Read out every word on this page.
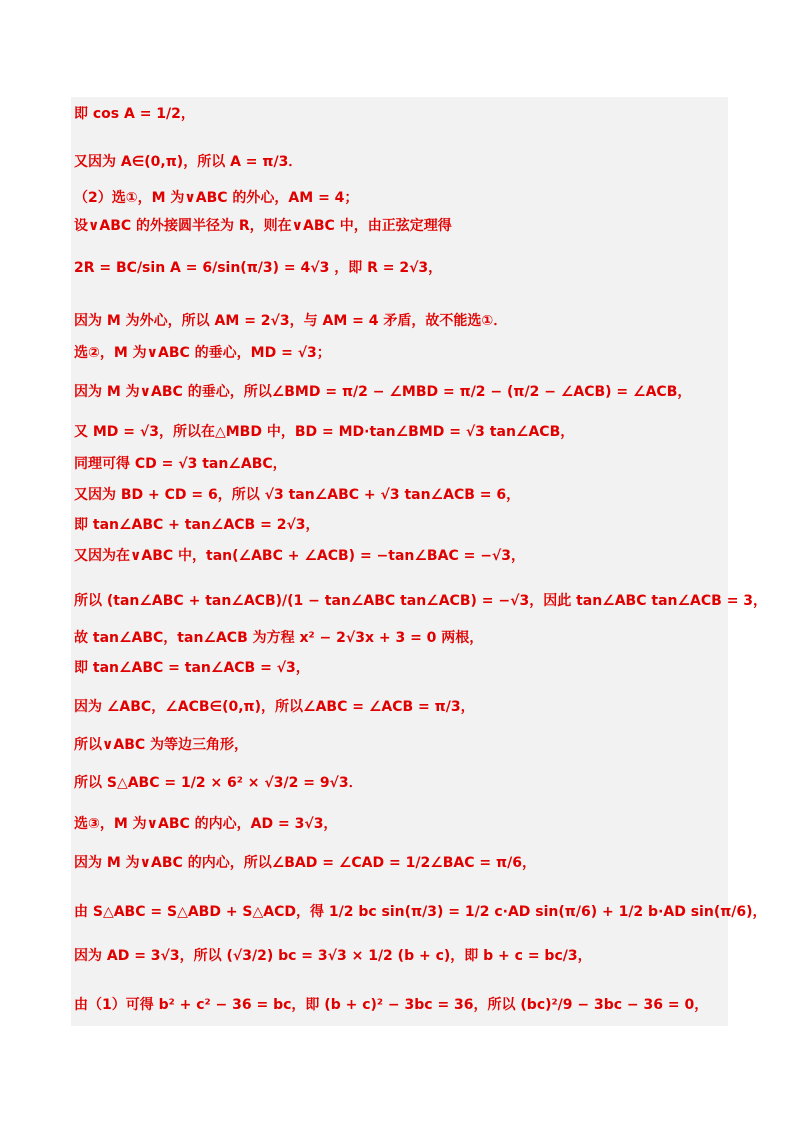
即 cos A = 1/2，
又因为 A∈(0,π)，所以 A = π/3．
（2）选①，M 为∨ABC 的外心，AM = 4；
设∨ABC 的外接圆半径为 R，则在∨ABC 中，由正弦定理得
2R = BC/sin A = 6/sin(π/3) = 4√3 ，即 R = 2√3，
因为 M 为外心，所以 AM = 2√3，与 AM = 4 矛盾，故不能选①．
选②，M 为∨ABC 的垂心，MD = √3；
因为 M 为∨ABC 的垂心，所以∠BMD = π/2 − ∠MBD = π/2 − (π/2 − ∠ACB) = ∠ACB，
又 MD = √3，所以在△MBD 中，BD = MD·tan∠BMD = √3 tan∠ACB，
同理可得 CD = √3 tan∠ABC，
又因为 BD + CD = 6，所以 √3 tan∠ABC + √3 tan∠ACB = 6，
即 tan∠ABC + tan∠ACB = 2√3，
又因为在∨ABC 中，tan(∠ABC + ∠ACB) = −tan∠BAC = −√3，
所以 (tan∠ABC + tan∠ACB)/(1 − tan∠ABC tan∠ACB) = −√3，因此 tan∠ABC tan∠ACB = 3，
故 tan∠ABC，tan∠ACB 为方程 x² − 2√3x + 3 = 0 两根，
即 tan∠ABC = tan∠ACB = √3，
因为 ∠ABC，∠ACB∈(0,π)，所以∠ABC = ∠ACB = π/3，
所以∨ABC 为等边三角形，
所以 S△ABC = 1/2 × 6² × √3/2 = 9√3．
选③，M 为∨ABC 的内心，AD = 3√3，
因为 M 为∨ABC 的内心，所以∠BAD = ∠CAD = 1/2∠BAC = π/6，
由 S△ABC = S△ABD + S△ACD，得 1/2 bc sin(π/3) = 1/2 c·AD sin(π/6) + 1/2 b·AD sin(π/6)，
因为 AD = 3√3，所以 (√3/2) bc = 3√3 × 1/2 (b + c)，即 b + c = bc/3，
由（1）可得 b² + c² − 36 = bc，即 (b + c)² − 3bc = 36，所以 (bc)²/9 − 3bc − 36 = 0，
